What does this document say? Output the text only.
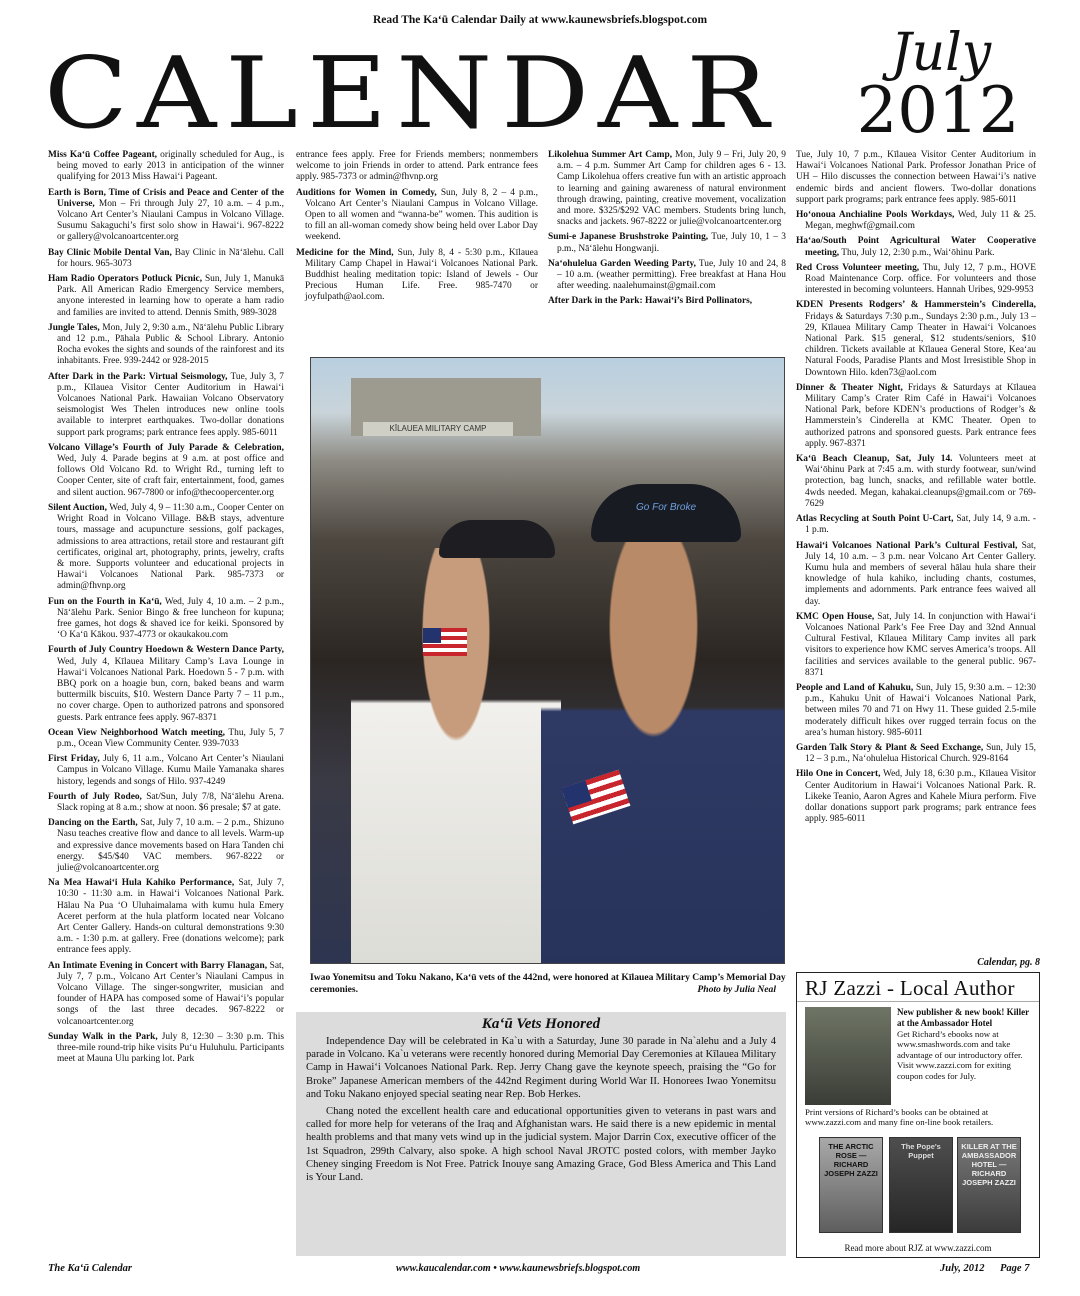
Read The Ka‘ū Calendar Daily at www.kaunewsbriefs.blogspot.com
CALENDAR	July
2012

Miss Ka‘ū Coffee Pageant, originally scheduled for Aug., is being moved to early 2013 in anticipation of the winner qualifying for 2013 Miss Hawai‘i Pageant.

Earth is Born, Time of Crisis and Peace and Center of the Universe, Mon – Fri through July 27, 10 a.m. – 4 p.m., Volcano Art Center’s Niaulani Campus in Volcano Village. Susumu Sakaguchi’s first solo show in Hawai‘i. 967-8222 or gallery@volcanoartcenter.org

Bay Clinic Mobile Dental Van, Bay Clinic in Nā‘ālehu. Call for hours. 965-3073

Ham Radio Operators Potluck Picnic, Sun, July 1, Manukā Park. All American Radio Emergency Service members, anyone interested in learning how to operate a ham radio and families are invited to attend. Dennis Smith, 989-3028

Jungle Tales, Mon, July 2, 9:30 a.m., Nā‘ālehu Public Library and 12 p.m., Pāhala Public & School Library. Antonio Rocha evokes the sights and sounds of the rainforest and its inhabitants. Free. 939-2442 or 928-2015

After Dark in the Park: Virtual Seismology, Tue, July 3, 7 p.m., Kīlauea Visitor Center Auditorium in Hawai‘i Volcanoes National Park. Hawaiian Volcano Observatory seismologist Wes Thelen introduces new online tools available to interpret earthquakes. Two-dollar donations support park programs; park entrance fees apply. 985-6011

Volcano Village’s Fourth of July Parade & Celebration, Wed, July 4. Parade begins at 9 a.m. at post office and follows Old Volcano Rd. to Wright Rd., turning left to Cooper Center, site of craft fair, entertainment, food, games and silent auction. 967-7800 or info@thecoopercenter.org

Silent Auction, Wed, July 4, 9 – 11:30 a.m., Cooper Center on Wright Road in Volcano Village. B&B stays, adventure tours, massage and acupuncture sessions, golf packages, admissions to area attractions, retail store and restaurant gift certificates, original art, photography, prints, jewelry, crafts & more. Supports volunteer and educational projects in Hawai‘i Volcanoes National Park. 985-7373 or admin@fhvnp.org

Fun on the Fourth in Ka‘ū, Wed, July 4, 10 a.m. – 2 p.m., Nā‘ālehu Park. Senior Bingo & free luncheon for kupuna; free games, hot dogs & shaved ice for keiki. Sponsored by ‘O Ka‘ū Kākou. 937-4773 or okaukakou.com

Fourth of July Country Hoedown & Western Dance Party, Wed, July 4, Kīlauea Military Camp’s Lava Lounge in Hawai‘i Volcanoes National Park. Hoedown 5 - 7 p.m. with BBQ pork on a hoagie bun, corn, baked beans and warm buttermilk biscuits, $10. Western Dance Party 7 – 11 p.m., no cover charge. Open to authorized patrons and sponsored guests. Park entrance fees apply. 967-8371

Ocean View Neighborhood Watch meeting, Thu, July 5, 7 p.m., Ocean View Community Center. 939-7033

First Friday, July 6, 11 a.m., Volcano Art Center’s Niaulani Campus in Volcano Village. Kumu Maile Yamanaka shares history, legends and songs of Hilo. 937-4249

Fourth of July Rodeo, Sat/Sun, July 7/8, Nā‘ālehu Arena. Slack roping at 8 a.m.; show at noon. $6 presale; $7 at gate.

Dancing on the Earth, Sat, July 7, 10 a.m. – 2 p.m., Shizuno Nasu teaches creative flow and dance to all levels. Warm-up and expressive dance movements based on Hara Tanden chi energy. $45/$40 VAC members. 967-8222 or julie@volcanoartcenter.org

Na Mea Hawai‘i Hula Kahiko Performance, Sat, July 7, 10:30 - 11:30 a.m. in Hawai‘i Volcanoes National Park. Hālau Na Pua ‘O Uluhaimalama with kumu hula Emery Aceret perform at the hula platform located near Volcano Art Center Gallery. Hands-on cultural demonstrations 9:30 a.m. - 1:30 p.m. at gallery. Free (donations welcome); park entrance fees apply.

An Intimate Evening in Concert with Barry Flanagan, Sat, July 7, 7 p.m., Volcano Art Center’s Niaulani Campus in Volcano Village. The singer-songwriter, musician and founder of HAPA has composed some of Hawai‘i’s popular songs of the last three decades. 967-8222 or volcanoartcenter.org

Sunday Walk in the Park, July 8, 12:30 – 3:30 p.m. This three-mile round-trip hike visits Pu‘u Huluhulu. Participants meet at Mauna Ulu parking lot. Park

entrance fees apply. Free for Friends members; nonmembers welcome to join Friends in order to attend. Park entrance fees apply. 985-7373 or admin@fhvnp.org

Auditions for Women in Comedy, Sun, July 8, 2 – 4 p.m., Volcano Art Center’s Niaulani Campus in Volcano Village. Open to all women and “wanna-be” women. This audition is to fill an all-woman comedy show being held over Labor Day weekend.

Medicine for the Mind, Sun, July 8, 4 - 5:30 p.m., Kīlauea Military Camp Chapel in Hawai‘i Volcanoes National Park. Buddhist healing meditation topic: Island of Jewels - Our Precious Human Life. Free. 985-7470 or joyfulpath@aol.com.

Likolehua Summer Art Camp, Mon, July 9 – Fri, July 20, 9 a.m. – 4 p.m. Summer Art Camp for children ages 6 - 13. Camp Likolehua offers creative fun with an artistic approach to learning and gaining awareness of natural environment through drawing, painting, creative movement, vocalization and more. $325/$292 VAC members. Students bring lunch, snacks and jackets. 967-8222 or julie@volcanoartcenter.org

Sumi-e Japanese Brushstroke Painting, Tue, July 10, 1 – 3 p.m., Nā‘ālehu Hongwanji.

Na‘ohulelua Garden Weeding Party, Tue, July 10 and 24, 8 – 10 a.m. (weather permitting). Free breakfast at Hana Hou after weeding. naalehumainst@gmail.com

After Dark in the Park: Hawai‘i’s Bird Pollinators,

Tue, July 10, 7 p.m., Kīlauea Visitor Center Auditorium in Hawai‘i Volcanoes National Park. Professor Jonathan Price of UH – Hilo discusses the connection between Hawai‘i’s native endemic birds and ancient flowers. Two-dollar donations support park programs; park entrance fees apply. 985-6011

Ho‘onoua Anchialine Pools Workdays, Wed, July 11 & 25. Megan, meghwf@gmail.com

Ha‘ao/South Point Agricultural Water Cooperative meeting, Thu, July 12, 2:30 p.m., Wai‘ōhinu Park.

Red Cross Volunteer meeting, Thu, July 12, 7 p.m., HOVE Road Maintenance Corp. office. For volunteers and those interested in becoming volunteers. Hannah Uribes, 929-9953

KDEN Presents Rodgers’ & Hammerstein’s Cinderella, Fridays & Saturdays 7:30 p.m., Sundays 2:30 p.m., July 13 – 29, Kīlauea Military Camp Theater in Hawai‘i Volcanoes National Park. $15 general, $12 students/seniors, $10 children. Tickets available at Kīlauea General Store, Kea‘au Natural Foods, Paradise Plants and Most Irresistible Shop in Downtown Hilo. kden73@aol.com

Dinner & Theater Night, Fridays & Saturdays at Kīlauea Military Camp’s Crater Rim Café in Hawai‘i Volcanoes National Park, before KDEN’s productions of Rodger’s & Hammerstein’s Cinderella at KMC Theater. Open to authorized patrons and sponsored guests. Park entrance fees apply. 967-8371

Ka‘ū Beach Cleanup, Sat, July 14. Volunteers meet at Wai‘ōhinu Park at 7:45 a.m. with sturdy footwear, sun/wind protection, bag lunch, snacks, and refillable water bottle. 4wds needed. Megan, kahakai.cleanups@gmail.com or 769-7629

Atlas Recycling at South Point U-Cart, Sat, July 14, 9 a.m. - 1 p.m.

Hawai‘i Volcanoes National Park’s Cultural Festival, Sat, July 14, 10 a.m. – 3 p.m. near Volcano Art Center Gallery. Kumu hula and members of several hālau hula share their knowledge of hula kahiko, including chants, costumes, implements and adornments. Park entrance fees waived all day.

KMC Open House, Sat, July 14. In conjunction with Hawai‘i Volcanoes National Park’s Fee Free Day and 32nd Annual Cultural Festival, Kīlauea Military Camp invites all park visitors to experience how KMC serves America’s troops. All facilities and services available to the general public. 967-8371

People and Land of Kahuku, Sun, July 15, 9:30 a.m. – 12:30 p.m., Kahuku Unit of Hawai‘i Volcanoes National Park, between miles 70 and 71 on Hwy 11. These guided 2.5-mile moderately difficult hikes over rugged terrain focus on the area’s human history. 985-6011

Garden Talk Story & Plant & Seed Exchange, Sun, July 15, 12 – 3 p.m., Na‘ohulelua Historical Church. 929-8164

Hilo One in Concert, Wed, July 18, 6:30 p.m., Kīlauea Visitor Center Auditorium in Hawai‘i Volcanoes National Park. R. Likeke Teanio, Aaron Agres and Kahele Miura perform. Five dollar donations support park programs; park entrance fees apply. 985-6011

KĪLAUEA MILITARY CAMP
Go For Broke
Iwao Yonemitsu and Toku Nakano, Ka‘ū vets of the 442nd, were honored at Kīlauea Military Camp’s Memorial Day ceremonies.	Photo by Julia Neal
Ka‘ū Vets Honored

Independence Day will be celebrated in Ka`u with a Saturday, June 30 parade in Na`alehu and a July 4 parade in Volcano. Ka`u veterans were recently honored during Memorial Day Ceremonies at Kīlauea Military Camp in Hawai‘i Volcanoes National Park. Rep. Jerry Chang gave the keynote speech, praising the “Go for Broke” Japanese American members of the 442nd Regiment during World War II. Honorees Iwao Yonemitsu and Toku Nakano enjoyed special seating near Rep. Bob Herkes.

Chang noted the excellent health care and educational opportunities given to veterans in past wars and called for more help for veterans of the Iraq and Afghanistan wars. He said there is a new epidemic in mental health problems and that many vets wind up in the judicial system. Major Darrin Cox, executive officer of the 1st Squadron, 299th Calvary, also spoke. A high school Naval JROTC posted colors, with member Jayko Cheney singing Freedom is Not Free. Patrick Inouye sang Amazing Grace, God Bless America and This Land is Your Land.

Calendar, pg. 8
RJ Zazzi - Local Author
New publisher & new book! Killer at the Ambassador Hotel
Get Richard’s ebooks now at www.smashwords.com and take advantage of our introductory offer. Visit www.zazzi.com for exiting coupon codes for July.
Print versions of Richard’s books can be obtained at www.zazzi.com and many fine on-line book retailers.
THE ARCTIC ROSE — RICHARD JOSEPH ZAZZI
The Pope's Puppet
KILLER AT THE AMBASSADOR HOTEL — RICHARD JOSEPH ZAZZI
Read more about RJZ at www.zazzi.com
The Ka‘ū Calendar	www.kaucalendar.com • www.kaunewsbriefs.blogspot.com	July, 2012 Page 7
